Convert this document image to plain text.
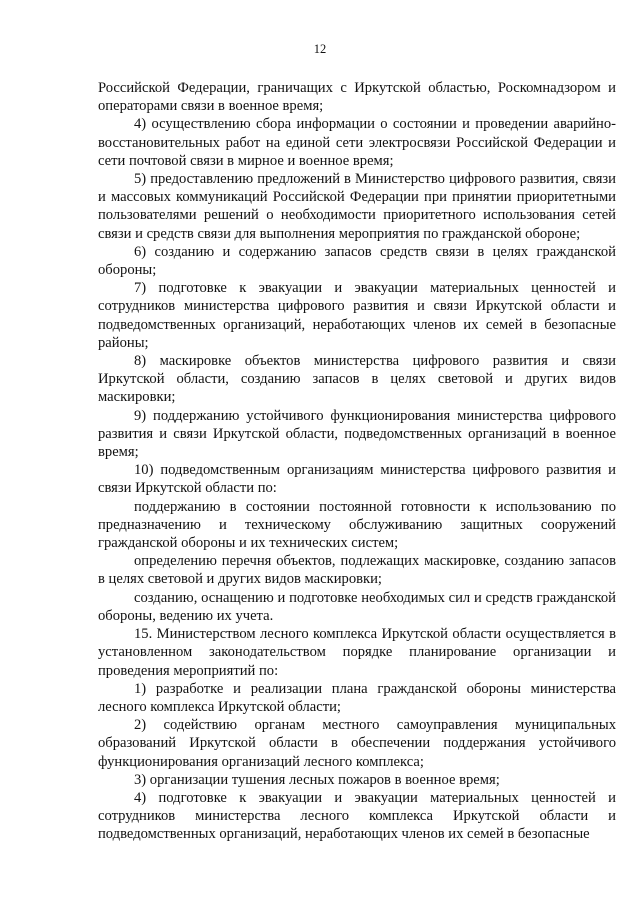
12

Российской Федерации, граничащих с Иркутской областью, Роскомнадзором и операторами связи в военное время;

4) осуществлению сбора информации о состоянии и проведении аварийно-восстановительных работ на единой сети электросвязи Российской Федерации и сети почтовой связи в мирное и военное время;

5) предоставлению предложений в Министерство цифрового развития, связи и массовых коммуникаций Российской Федерации при принятии приоритетными пользователями решений о необходимости приоритетного использования сетей связи и средств связи для выполнения мероприятия по гражданской обороне;

6) созданию и содержанию запасов средств связи в целях гражданской обороны;

7) подготовке к эвакуации и эвакуации материальных ценностей и сотрудников министерства цифрового развития и связи Иркутской области и подведомственных организаций, неработающих членов их семей в безопасные районы;

8) маскировке объектов министерства цифрового развития и связи Иркутской области, созданию запасов в целях световой и других видов маскировки;

9) поддержанию устойчивого функционирования министерства цифрового развития и связи Иркутской области, подведомственных организаций в военное время;

10) подведомственным организациям министерства цифрового развития и связи Иркутской области по:

поддержанию в состоянии постоянной готовности к использованию по предназначению и техническому обслуживанию защитных сооружений гражданской обороны и их технических систем;

определению перечня объектов, подлежащих маскировке, созданию запасов в целях световой и других видов маскировки;

созданию, оснащению и подготовке необходимых сил и средств гражданской обороны, ведению их учета.

15. Министерством лесного комплекса Иркутской области осуществляется в установленном законодательством порядке планирование организации и проведения мероприятий по:

1) разработке и реализации плана гражданской обороны министерства лесного комплекса Иркутской области;

2) содействию органам местного самоуправления муниципальных образований Иркутской области в обеспечении поддержания устойчивого функционирования организаций лесного комплекса;

3) организации тушения лесных пожаров в военное время;

4) подготовке к эвакуации и эвакуации материальных ценностей и сотрудников министерства лесного комплекса Иркутской области и подведомственных организаций, неработающих членов их семей в безопасные
